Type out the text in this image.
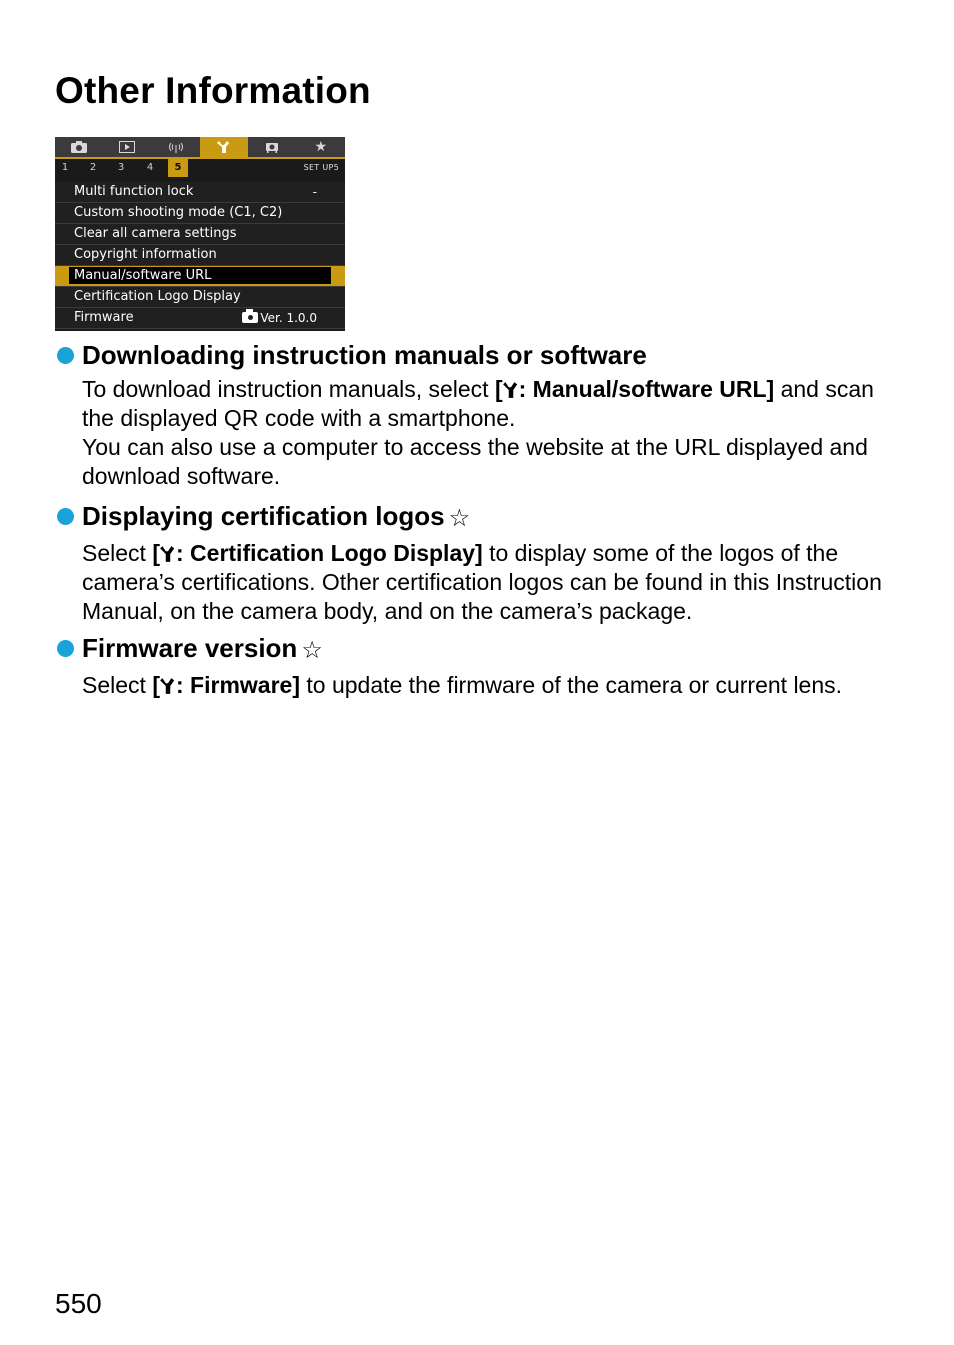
Other Information
★
1	2	3	4	5	SET UP5
Multi function lock	-
Custom shooting mode (C1, C2)
Clear all camera settings
Copyright information
Manual/software URL
Certification Logo Display
Firmware	Ver. 1.0.0
Downloading instruction manuals or software

To download instruction manuals, select [ : Manual/software URL] and scan the displayed QR code with a smartphone.

You can also use a computer to access the website at the URL displayed and download software.

Displaying certification logos ☆

Select [ : Certification Logo Display] to display some of the logos of the camera’s certifications. Other certification logos can be found in this Instruction Manual, on the camera body, and on the camera’s package.

Firmware version ☆

Select [ : Firmware] to update the firmware of the camera or current lens.

550
